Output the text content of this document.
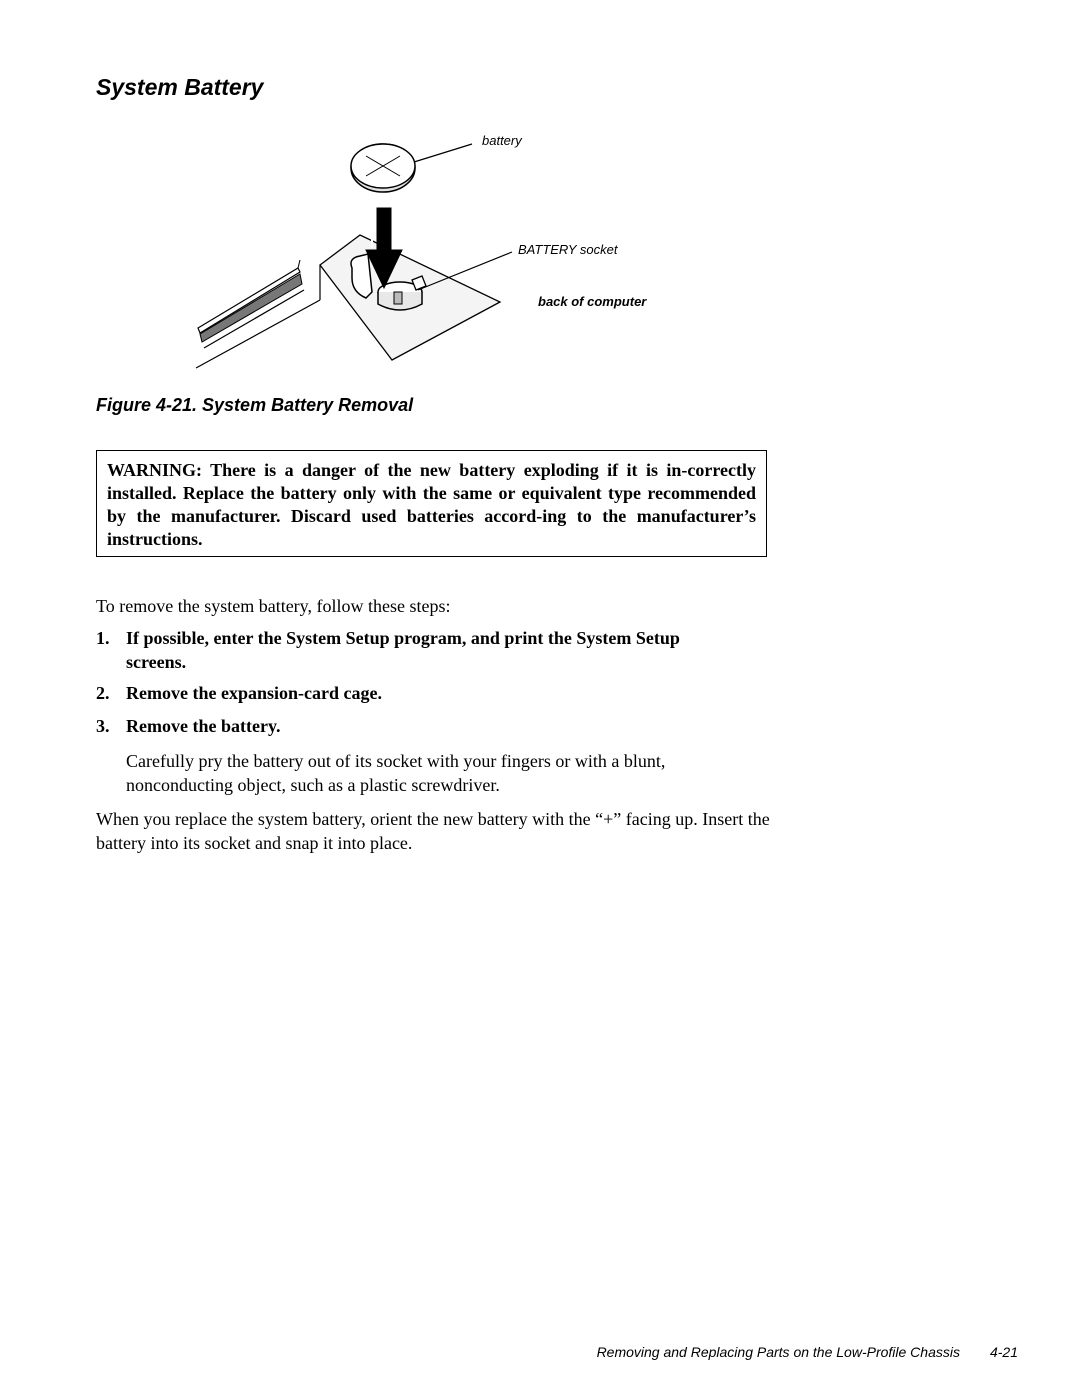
System Battery
battery
BATTERY socket
back of computer
Figure 4-21. System Battery Removal

WARNING: There is a danger of the new battery exploding if it is in-correctly installed. Replace the battery only with the same or equivalent type recommended by the manufacturer. Discard used batteries accord-ing to the manufacturer’s instructions.

To remove the system battery, follow these steps:

1. If possible, enter the System Setup program, and print the System Setup screens.
2. Remove the expansion-card cage.
3. Remove the battery.

Carefully pry the battery out of its socket with your fingers or with a blunt, nonconducting object, such as a plastic screwdriver.

When you replace the system battery, orient the new battery with the “+” facing up. Insert the battery into its socket and snap it into place.

Removing and Replacing Parts on the Low-Profile Chassis 4-21
